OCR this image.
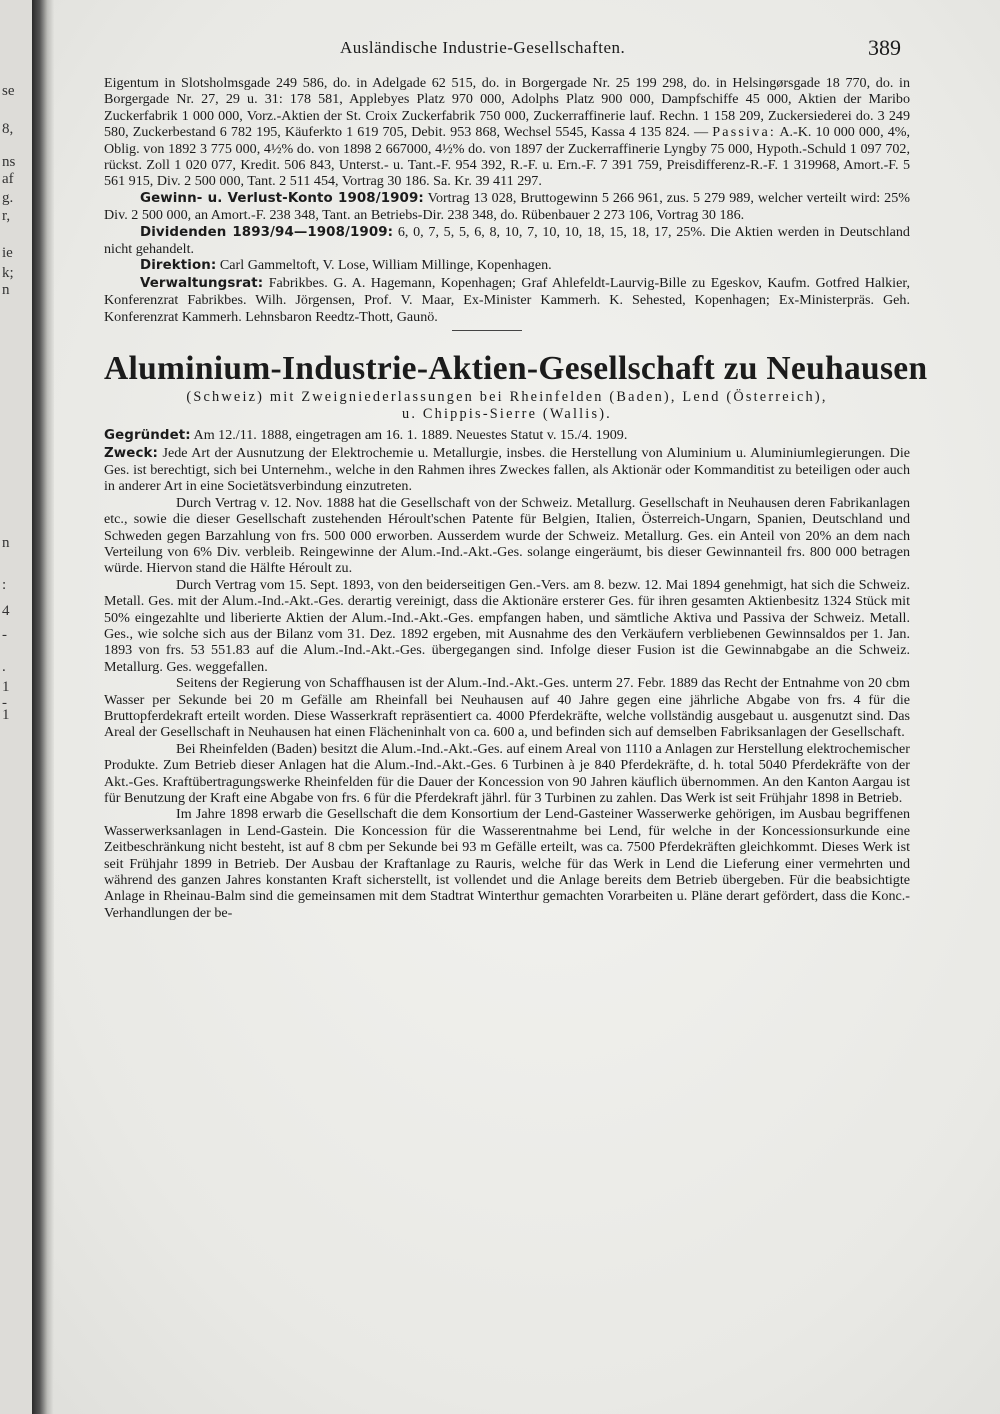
se
8,
ns
af
g.
r,
ie
k;
n
n
:
4
-
.
1
-
1
Ausländische Industrie-Gesellschaften.	389

Eigentum in Slotsholmsgade 249 586, do. in Adelgade 62 515, do. in Borgergade Nr. 25 199 298, do. in Helsingørsgade 18 770, do. in Borgergade Nr. 27, 29 u. 31: 178 581, Applebyes Platz 970 000, Adolphs Platz 900 000, Dampfschiffe 45 000, Aktien der Maribo Zuckerfabrik 1 000 000, Vorz.-Aktien der St. Croix Zuckerfabrik 750 000, Zuckerraffinerie lauf. Rechn. 1 158 209, Zuckersiederei do. 3 249 580, Zuckerbestand 6 782 195, Käuferkto 1 619 705, Debit. 953 868, Wechsel 5545, Kassa 4 135 824. — Passiva: A.-K. 10 000 000, 4%, Oblig. von 1892 3 775 000, 4½% do. von 1898 2 667000, 4½% do. von 1897 der Zuckerraffinerie Lyngby 75 000, Hypoth.-Schuld 1 097 702, rückst. Zoll 1 020 077, Kredit. 506 843, Unterst.- u. Tant.-F. 954 392, R.-F. u. Ern.-F. 7 391 759, Preisdifferenz-R.-F. 1 319968, Amort.-F. 5 561 915, Div. 2 500 000, Tant. 2 511 454, Vortrag 30 186. Sa. Kr. 39 411 297.

Gewinn- u. Verlust-Konto 1908/1909: Vortrag 13 028, Bruttogewinn 5 266 961, zus. 5 279 989, welcher verteilt wird: 25% Div. 2 500 000, an Amort.-F. 238 348, Tant. an Betriebs-Dir. 238 348, do. Rübenbauer 2 273 106, Vortrag 30 186.

Dividenden 1893/94—1908/1909: 6, 0, 7, 5, 5, 6, 8, 10, 7, 10, 10, 18, 15, 18, 17, 25%. Die Aktien werden in Deutschland nicht gehandelt.

Direktion: Carl Gammeltoft, V. Lose, William Millinge, Kopenhagen.

Verwaltungsrat: Fabrikbes. G. A. Hagemann, Kopenhagen; Graf Ahlefeldt-Laurvig-Bille zu Egeskov, Kaufm. Gotfred Halkier, Konferenzrat Fabrikbes. Wilh. Jörgensen, Prof. V. Maar, Ex-Minister Kammerh. K. Sehested, Kopenhagen; Ex-Ministerpräs. Geh. Konferenzrat Kammerh. Lehnsbaron Reedtz-Thott, Gaunö.

Aluminium-Industrie-Aktien-Gesellschaft zu Neuhausen
(Schweiz) mit Zweigniederlassungen bei Rheinfelden (Baden), Lend (Österreich),
u. Chippis-Sierre (Wallis).

Gegründet: Am 12./11. 1888, eingetragen am 16. 1. 1889. Neuestes Statut v. 15./4. 1909.

Zweck: Jede Art der Ausnutzung der Elektrochemie u. Metallurgie, insbes. die Herstellung von Aluminium u. Aluminiumlegierungen. Die Ges. ist berechtigt, sich bei Unternehm., welche in den Rahmen ihres Zweckes fallen, als Aktionär oder Kommanditist zu beteiligen oder auch in anderer Art in eine Societätsverbindung einzutreten.

Durch Vertrag v. 12. Nov. 1888 hat die Gesellschaft von der Schweiz. Metallurg. Gesellschaft in Neuhausen deren Fabrikanlagen etc., sowie die dieser Gesellschaft zustehenden Héroult'schen Patente für Belgien, Italien, Österreich-Ungarn, Spanien, Deutschland und Schweden gegen Barzahlung von frs. 500 000 erworben. Ausserdem wurde der Schweiz. Metallurg. Ges. ein Anteil von 20% an dem nach Verteilung von 6% Div. verbleib. Reingewinne der Alum.-Ind.-Akt.-Ges. solange eingeräumt, bis dieser Gewinnanteil frs. 800 000 betragen würde. Hiervon stand die Hälfte Héroult zu.

Durch Vertrag vom 15. Sept. 1893, von den beiderseitigen Gen.-Vers. am 8. bezw. 12. Mai 1894 genehmigt, hat sich die Schweiz. Metall. Ges. mit der Alum.-Ind.-Akt.-Ges. derartig vereinigt, dass die Aktionäre ersterer Ges. für ihren gesamten Aktienbesitz 1324 Stück mit 50% eingezahlte und liberierte Aktien der Alum.-Ind.-Akt.-Ges. empfangen haben, und sämtliche Aktiva und Passiva der Schweiz. Metall. Ges., wie solche sich aus der Bilanz vom 31. Dez. 1892 ergeben, mit Ausnahme des den Verkäufern verbliebenen Gewinnsaldos per 1. Jan. 1893 von frs. 53 551.83 auf die Alum.-Ind.-Akt.-Ges. übergegangen sind. Infolge dieser Fusion ist die Gewinnabgabe an die Schweiz. Metallurg. Ges. weggefallen.

Seitens der Regierung von Schaffhausen ist der Alum.-Ind.-Akt.-Ges. unterm 27. Febr. 1889 das Recht der Entnahme von 20 cbm Wasser per Sekunde bei 20 m Gefälle am Rheinfall bei Neuhausen auf 40 Jahre gegen eine jährliche Abgabe von frs. 4 für die Bruttopferdekraft erteilt worden. Diese Wasserkraft repräsentiert ca. 4000 Pferdekräfte, welche vollständig ausgebaut u. ausgenutzt sind. Das Areal der Gesellschaft in Neuhausen hat einen Flächeninhalt von ca. 600 a, und befinden sich auf demselben Fabriksanlagen der Gesellschaft.

Bei Rheinfelden (Baden) besitzt die Alum.-Ind.-Akt.-Ges. auf einem Areal von 1110 a Anlagen zur Herstellung elektrochemischer Produkte. Zum Betrieb dieser Anlagen hat die Alum.-Ind.-Akt.-Ges. 6 Turbinen à je 840 Pferdekräfte, d. h. total 5040 Pferdekräfte von der Akt.-Ges. Kraftübertragungswerke Rheinfelden für die Dauer der Koncession von 90 Jahren käuflich übernommen. An den Kanton Aargau ist für Benutzung der Kraft eine Abgabe von frs. 6 für die Pferdekraft jährl. für 3 Turbinen zu zahlen. Das Werk ist seit Frühjahr 1898 in Betrieb.

Im Jahre 1898 erwarb die Gesellschaft die dem Konsortium der Lend-Gasteiner Wasserwerke gehörigen, im Ausbau begriffenen Wasserwerksanlagen in Lend-Gastein. Die Koncession für die Wasserentnahme bei Lend, für welche in der Koncessionsurkunde eine Zeitbeschränkung nicht besteht, ist auf 8 cbm per Sekunde bei 93 m Gefälle erteilt, was ca. 7500 Pferdekräften gleichkommt. Dieses Werk ist seit Frühjahr 1899 in Betrieb. Der Ausbau der Kraftanlage zu Rauris, welche für das Werk in Lend die Lieferung einer vermehrten und während des ganzen Jahres konstanten Kraft sicherstellt, ist vollendet und die Anlage bereits dem Betrieb übergeben. Für die beabsichtigte Anlage in Rheinau-Balm sind die gemeinsamen mit dem Stadtrat Winterthur gemachten Vorarbeiten u. Pläne derart gefördert, dass die Konc.-Verhandlungen der be-
